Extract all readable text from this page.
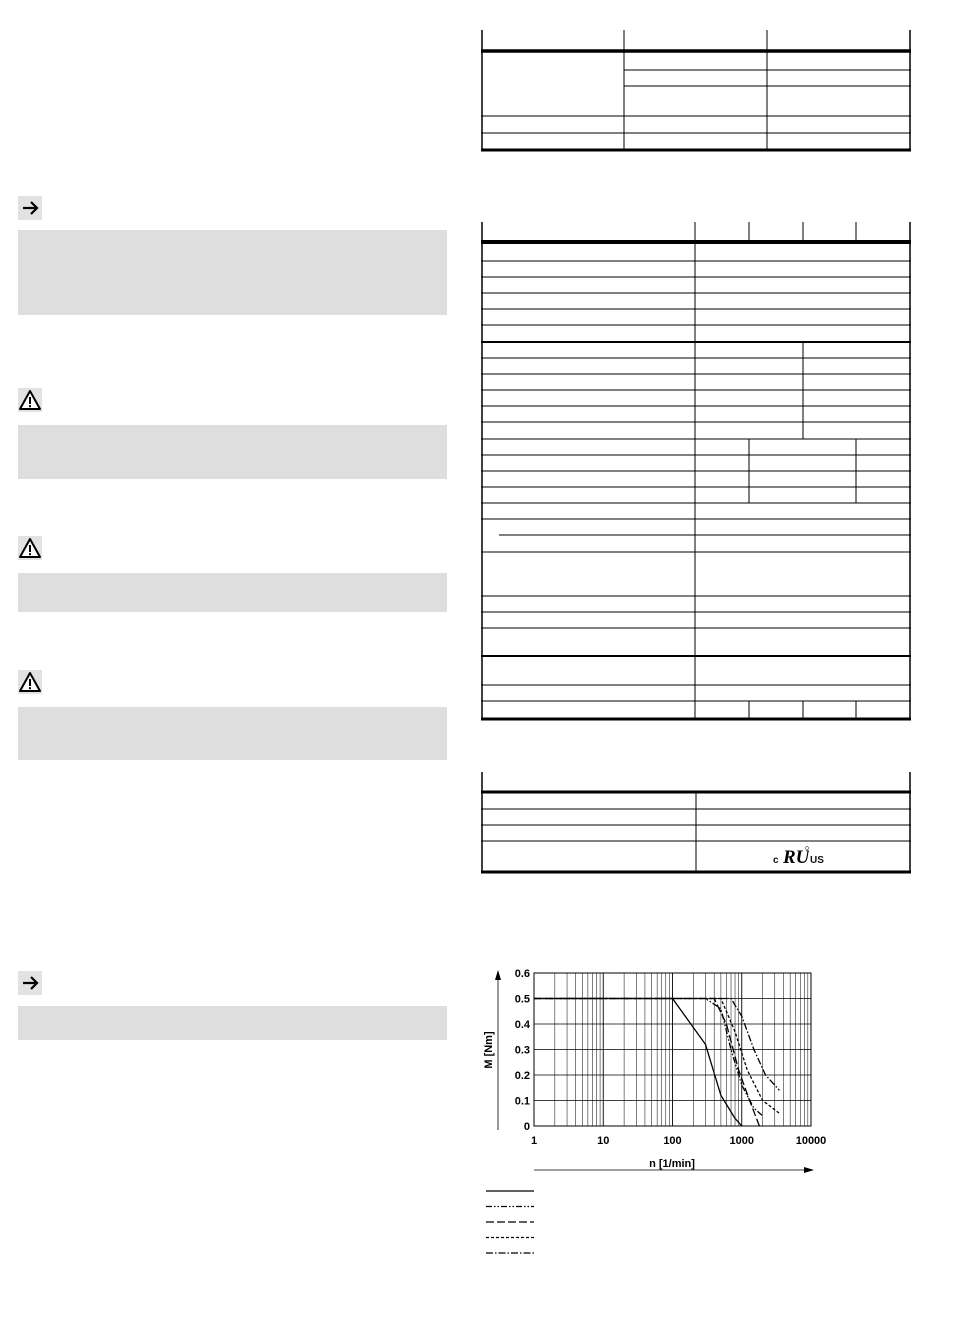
c RU US
1	10	100	1000	10000
0
0.1
0.2
0.3
0.4
0.5
0.6
n [1/min]
M [Nm]
